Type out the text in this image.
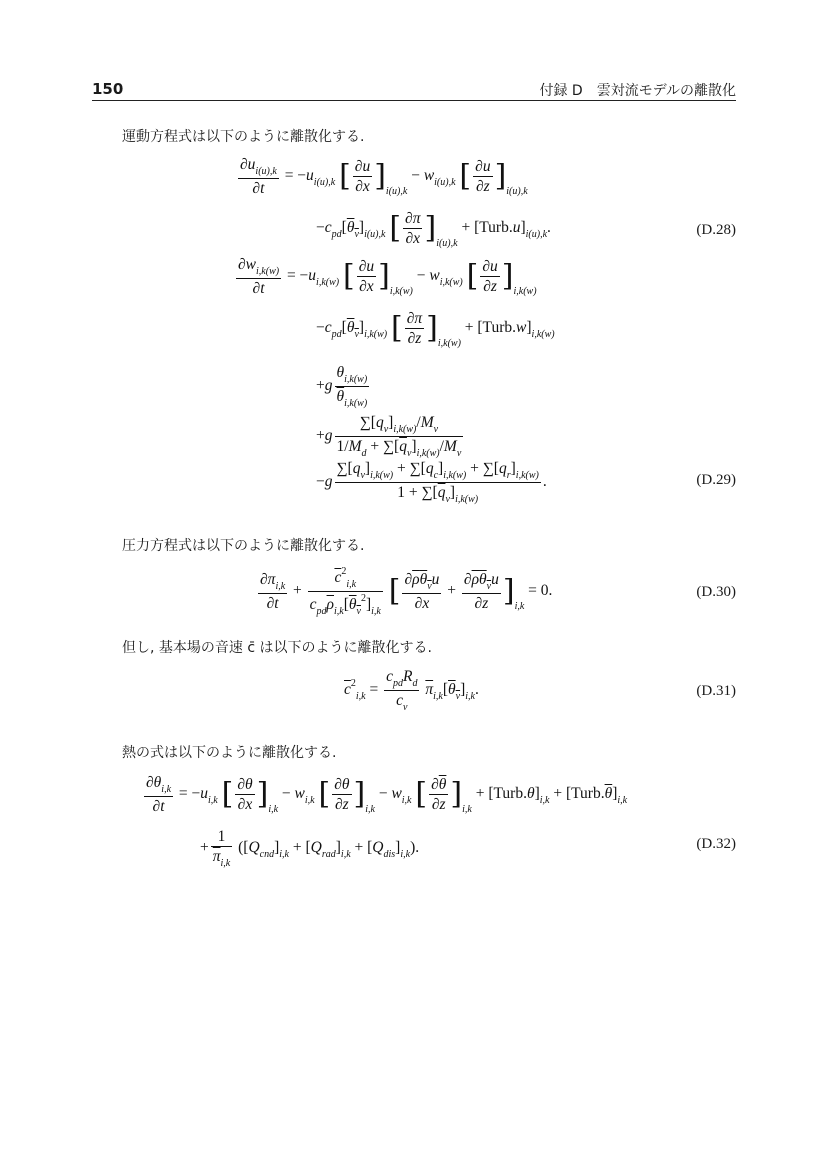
150	付録 D　雲対流モデルの離散化
運動方程式は以下のように離散化する.
$\frac{\partial u_{i(u),k}}{\partial t} = -u_{i(u),k}$ [ $\frac{\partial u}{\partial x} ]_{i(u),k} - w_{i(u),k}$ [ $\frac{\partial u}{\partial z} ]_{i(u),k}$
$-c_{pd}[\theta_v]_{i(u),k}$ [ $\frac{\partial\pi}{\partial x} ]_{i(u),k}$ + $[Turb.u]_{i(u),k}$.	(D.28)
$\frac{\partial w_{i,k(w)}}{\partial t} = -u_{i,k(w)}$ [ $\frac{\partial u}{\partial x} ]_{i,k(w)} - w_{i,k(w)}$ [ $\frac{\partial u}{\partial z} ]_{i,k(w)}$
$-c_{pd}[\theta_v]_{i,k(w)}$ [ $\frac{\partial\pi}{\partial z} ]_{i,k(w)}$ + $[Turb.w]_{i,k(w)}$
$+g \frac{\theta_{i,k(w)}}{\overline{\theta}_{i,k(w)}}$
$+g \frac{\sum[q_v]_{i,k(w)}/M_v}{1/M_d + \sum[\overline{q}_v]_{i,k(w)}/M_v}$
$-g \frac{\sum[q_v]_{i,k(w)} + \sum[q_c]_{i,k(w)} + \sum[q_r]_{i,k(w)}}{1 + \sum[\overline{q}_v]_{i,k(w)}}$ .	(D.29)
圧力方程式は以下のように離散化する.
$\frac{\partial\pi_{i,k}}{\partial t} + \frac{\overline{c}^2_{i,k}}{c_{pd}\overline{\rho}_{i,k}[\theta_v^2]_{i,k}}$ [ $\frac{\partial\overline{\rho}\theta_vu}{\partial x} + \frac{\partial\overline{\rho}\theta_vu}{\partial z} ]_{i,k} = 0$.	(D.30)
但し, 基本場の音速 c̄ は以下のように離散化する.
$\overline{c}^2_{i,k} = \frac{c_{pd}R_d}{c_v} \overline{\pi}_{i,k}[\theta_v]_{i,k}$.	(D.31)
熱の式は以下のように離散化する.
$\frac{\partial\theta_{i,k}}{\partial t} = -u_{i,k}$ [ $\frac{\partial\theta}{\partial x} ]_{i,k} - w_{i,k}$ [ $\frac{\partial\theta}{\partial z} ]_{i,k} - w_{i,k}$ [ $\frac{\partial\overline{\theta}}{\partial z} ]_{i,k}$ + $[Turb.\theta]_{i,k}$ + $[Turb.\overline{\theta}]_{i,k}$
+ $\frac{1}{\overline{\pi}_{i,k}} ([Q_{cnd}]_{i,k} + [Q_{rad}]_{i,k} + [Q_{dis}]_{i,k})$.	(D.32)
